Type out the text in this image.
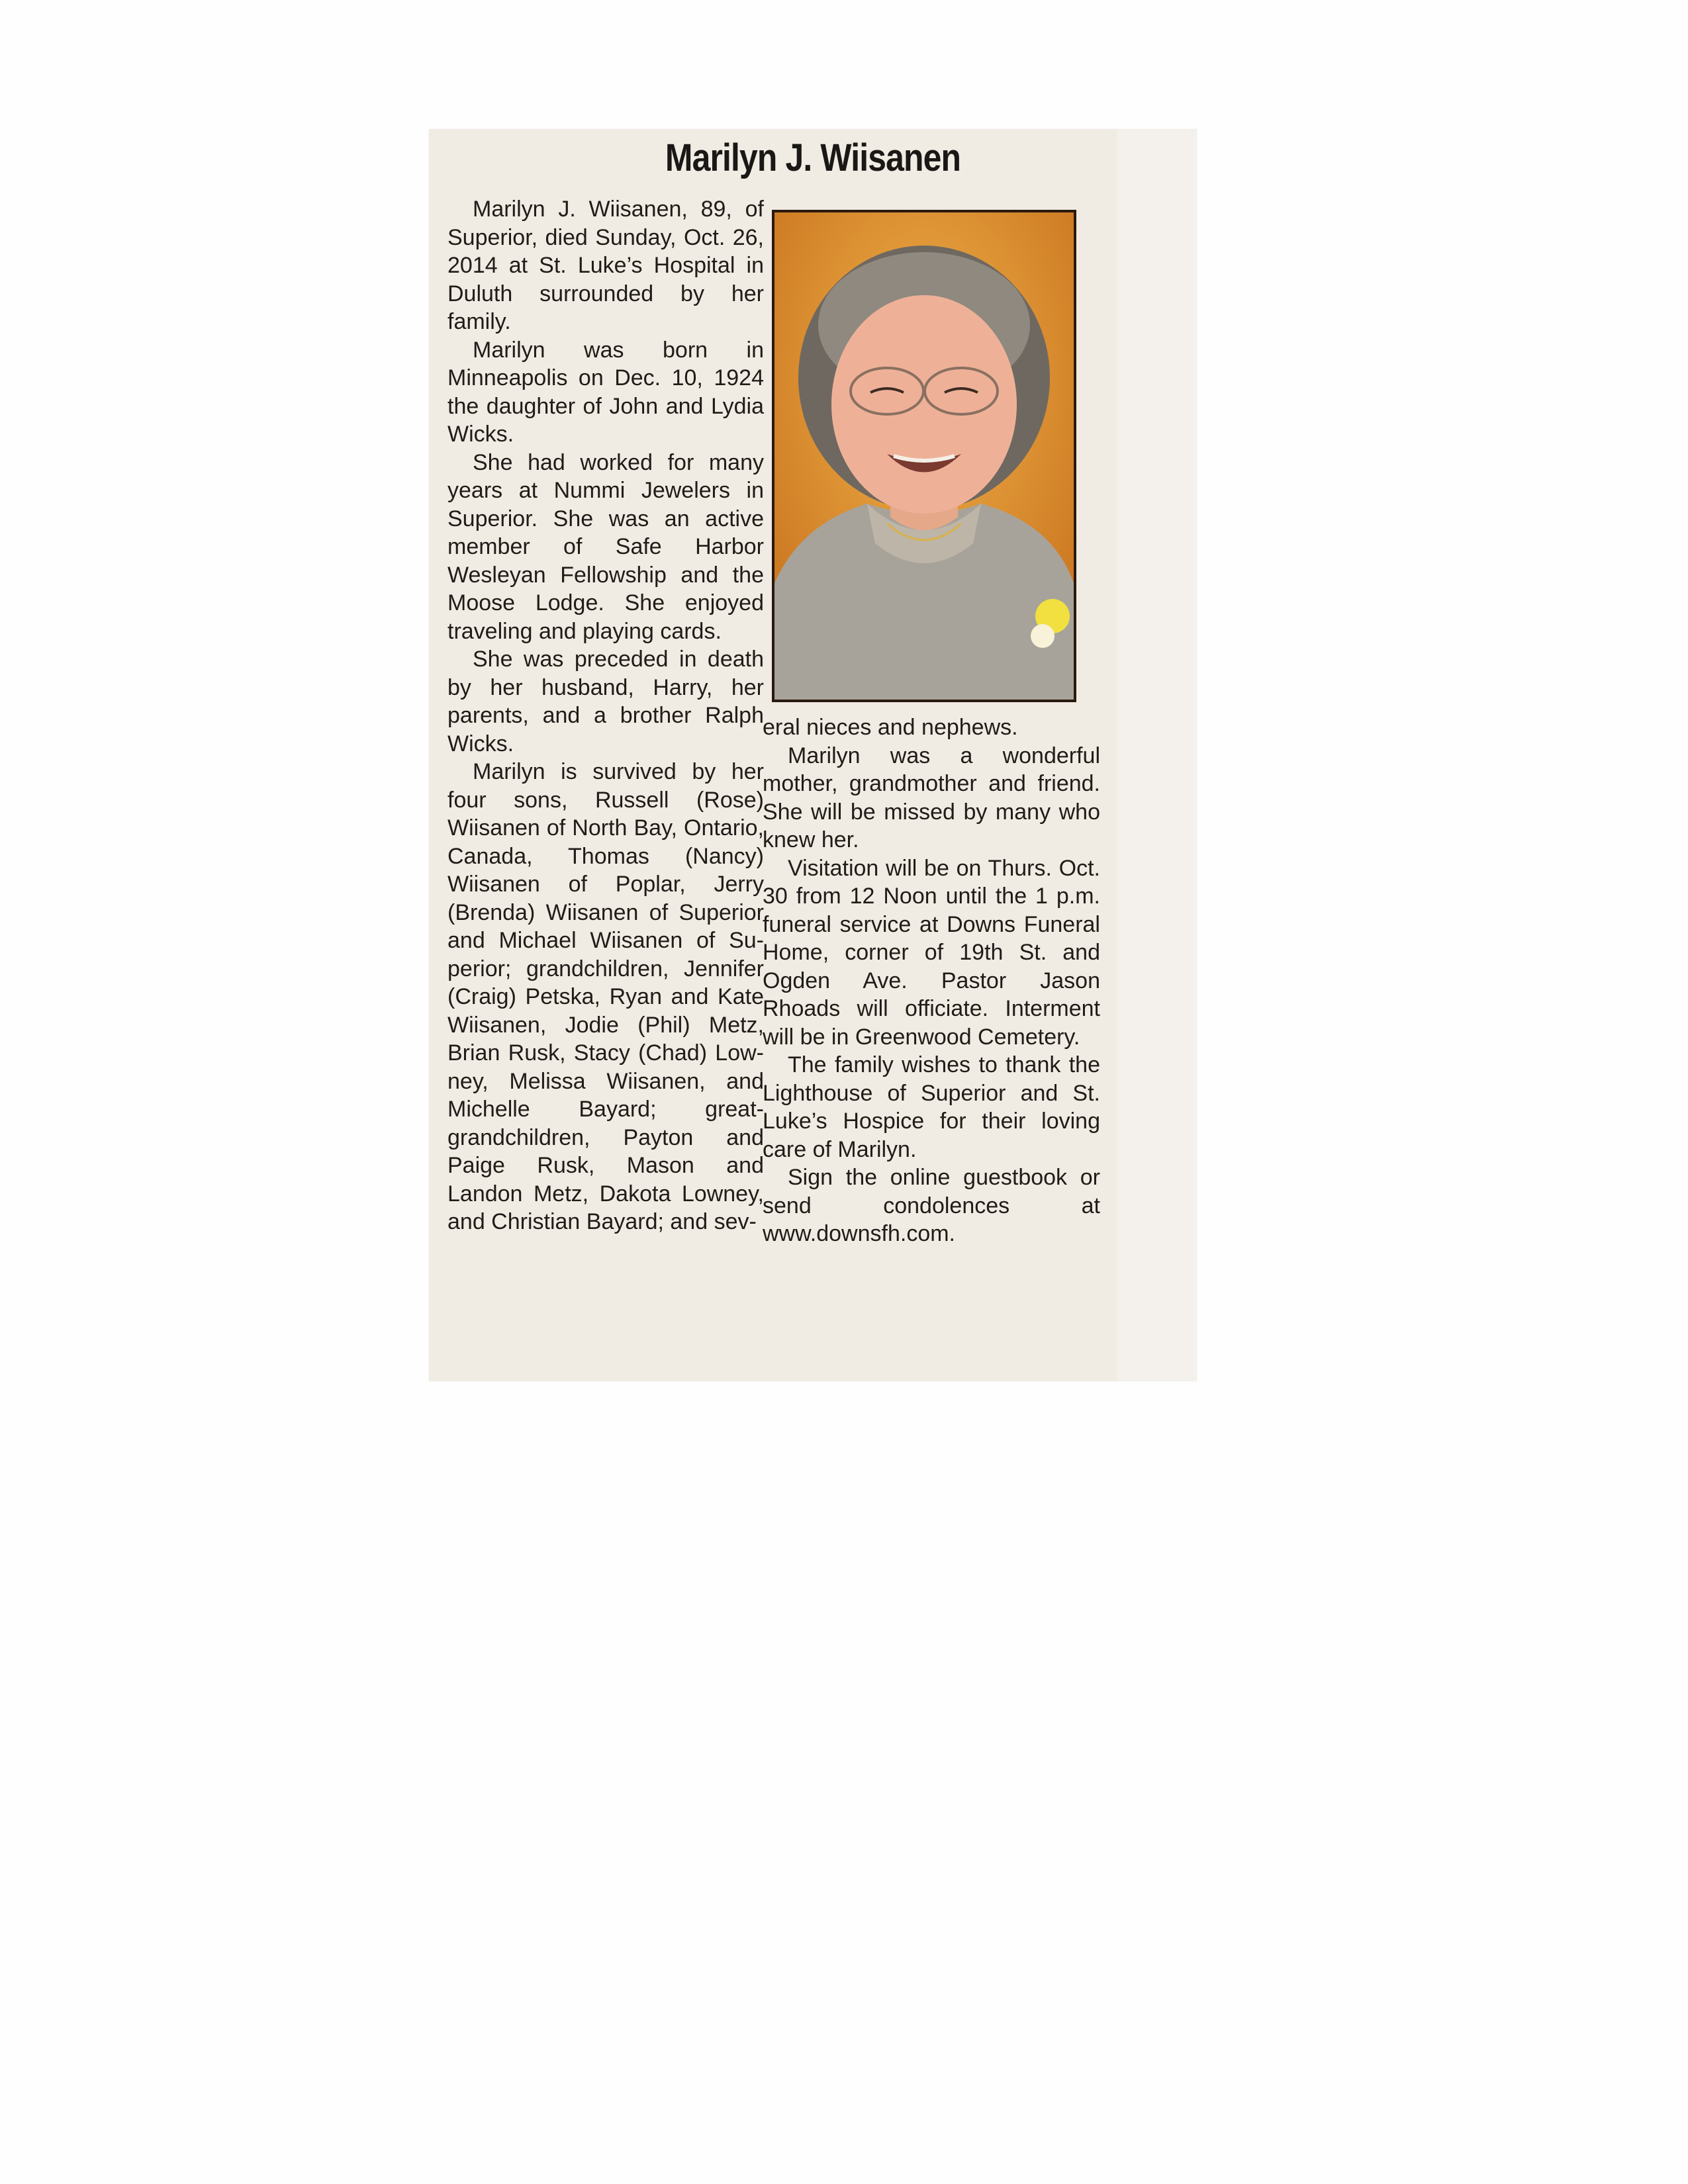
Marilyn J. Wiisanen

Marilyn J. Wiisanen, 89, of Superior, died Sunday, Oct. 26, 2014 at St. Luke’s Hospital in Duluth surrounded by her family.

Marilyn was born in Minneapolis on Dec. 10, 1924 the daughter of John and Lydia Wicks.

She had worked for many years at Nummi Jewelers in Superior. She was an active member of Safe Harbor Wesleyan Fellowship and the Moose Lodge. She enjoyed traveling and playing cards.

She was preceded in death by her husband, Harry, her parents, and a brother Ralph Wicks.

Marilyn is survived by her four sons, Russell (Rose) Wiisanen of North Bay, Ontario, Canada, Thomas (Nancy) Wiisanen of Poplar, Jerry (Brenda) Wiisanen of Superior and Michael Wiisanen of Superior; grandchildren, Jennifer (Craig) Petska, Ryan and Kate Wiisanen, Jodie (Phil) Metz, Brian Rusk, Stacy (Chad) Lowney, Melissa Wiisanen, and Michelle Bayard; great-grandchildren, Payton and Paige Rusk, Mason and Landon Metz, Dakota Lowney, and Christian Bayard; and sev-

eral nieces and nephews.

Marilyn was a wonderful mother, grandmother and friend. She will be missed by many who knew her.

Visitation will be on Thurs. Oct. 30 from 12 Noon until the 1 p.m. funeral service at Downs Funeral Home, corner of 19th St. and Ogden Ave. Pastor Jason Rhoads will officiate. Interment will be in Greenwood Cemetery.

The family wishes to thank the Lighthouse of Superior and St. Luke’s Hospice for their loving care of Marilyn.

Sign the online guestbook or send condolences at www.downsfh.com.
